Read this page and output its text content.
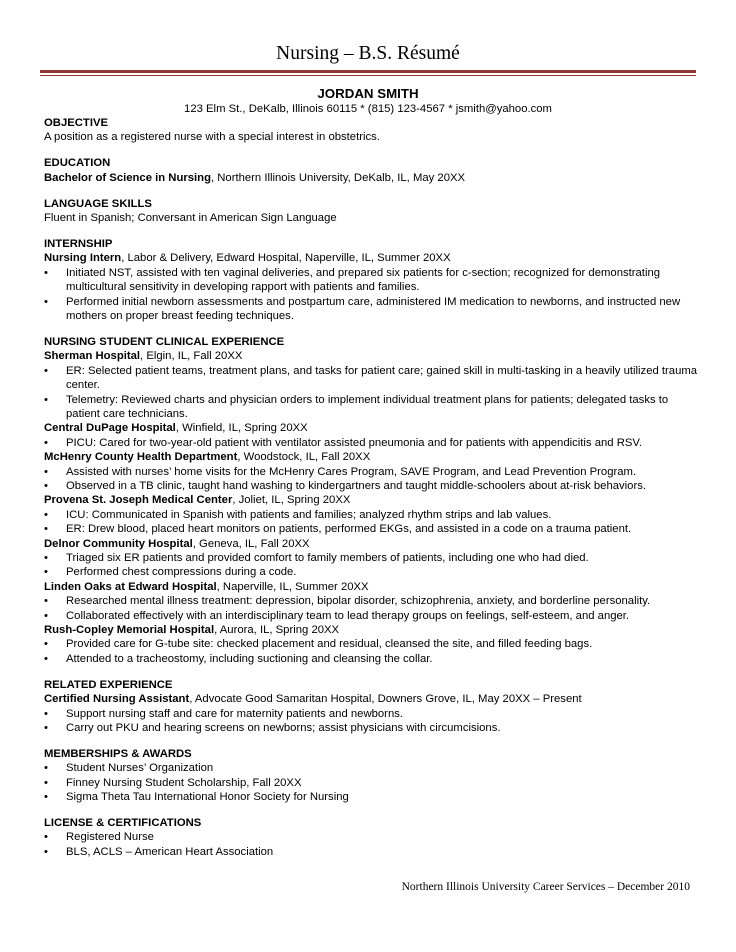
Nursing – B.S. Résumé
JORDAN SMITH
123 Elm St., DeKalb, Illinois 60115 * (815) 123-4567 * jsmith@yahoo.com
OBJECTIVE
A position as a registered nurse with a special interest in obstetrics.
EDUCATION
Bachelor of Science in Nursing, Northern Illinois University, DeKalb, IL, May 20XX
LANGUAGE SKILLS
Fluent in Spanish; Conversant in American Sign Language
INTERNSHIP
Nursing Intern, Labor & Delivery, Edward Hospital, Naperville, IL, Summer 20XX
• Initiated NST, assisted with ten vaginal deliveries, and prepared six patients for c-section; recognized for demonstrating multicultural sensitivity in developing rapport with patients and families.
• Performed initial newborn assessments and postpartum care, administered IM medication to newborns, and instructed new mothers on proper breast feeding techniques.
NURSING STUDENT CLINICAL EXPERIENCE
Sherman Hospital, Elgin, IL, Fall 20XX
• ER: Selected patient teams, treatment plans, and tasks for patient care; gained skill in multi-tasking in a heavily utilized trauma center.
• Telemetry: Reviewed charts and physician orders to implement individual treatment plans for patients; delegated tasks to patient care technicians.
Central DuPage Hospital, Winfield, IL, Spring 20XX
• PICU: Cared for two-year-old patient with ventilator assisted pneumonia and for patients with appendicitis and RSV.
McHenry County Health Department, Woodstock, IL, Fall 20XX
• Assisted with nurses’ home visits for the McHenry Cares Program, SAVE Program, and Lead Prevention Program.
• Observed in a TB clinic, taught hand washing to kindergartners and taught middle-schoolers about at-risk behaviors.
Provena St. Joseph Medical Center, Joliet, IL, Spring 20XX
• ICU: Communicated in Spanish with patients and families; analyzed rhythm strips and lab values.
• ER: Drew blood, placed heart monitors on patients, performed EKGs, and assisted in a code on a trauma patient.
Delnor Community Hospital, Geneva, IL, Fall 20XX
• Triaged six ER patients and provided comfort to family members of patients, including one who had died.
• Performed chest compressions during a code.
Linden Oaks at Edward Hospital, Naperville, IL, Summer 20XX
• Researched mental illness treatment: depression, bipolar disorder, schizophrenia, anxiety, and borderline personality.
• Collaborated effectively with an interdisciplinary team to lead therapy groups on feelings, self-esteem, and anger.
Rush-Copley Memorial Hospital, Aurora, IL, Spring 20XX
• Provided care for G-tube site: checked placement and residual, cleansed the site, and filled feeding bags.
• Attended to a tracheostomy, including suctioning and cleansing the collar.
RELATED EXPERIENCE
Certified Nursing Assistant, Advocate Good Samaritan Hospital, Downers Grove, IL, May 20XX – Present
• Support nursing staff and care for maternity patients and newborns.
• Carry out PKU and hearing screens on newborns; assist physicians with circumcisions.
MEMBERSHIPS & AWARDS
• Student Nurses’ Organization
• Finney Nursing Student Scholarship, Fall 20XX
• Sigma Theta Tau International Honor Society for Nursing
LICENSE & CERTIFICATIONS
• Registered Nurse
• BLS, ACLS – American Heart Association
Northern Illinois University Career Services – December 2010
